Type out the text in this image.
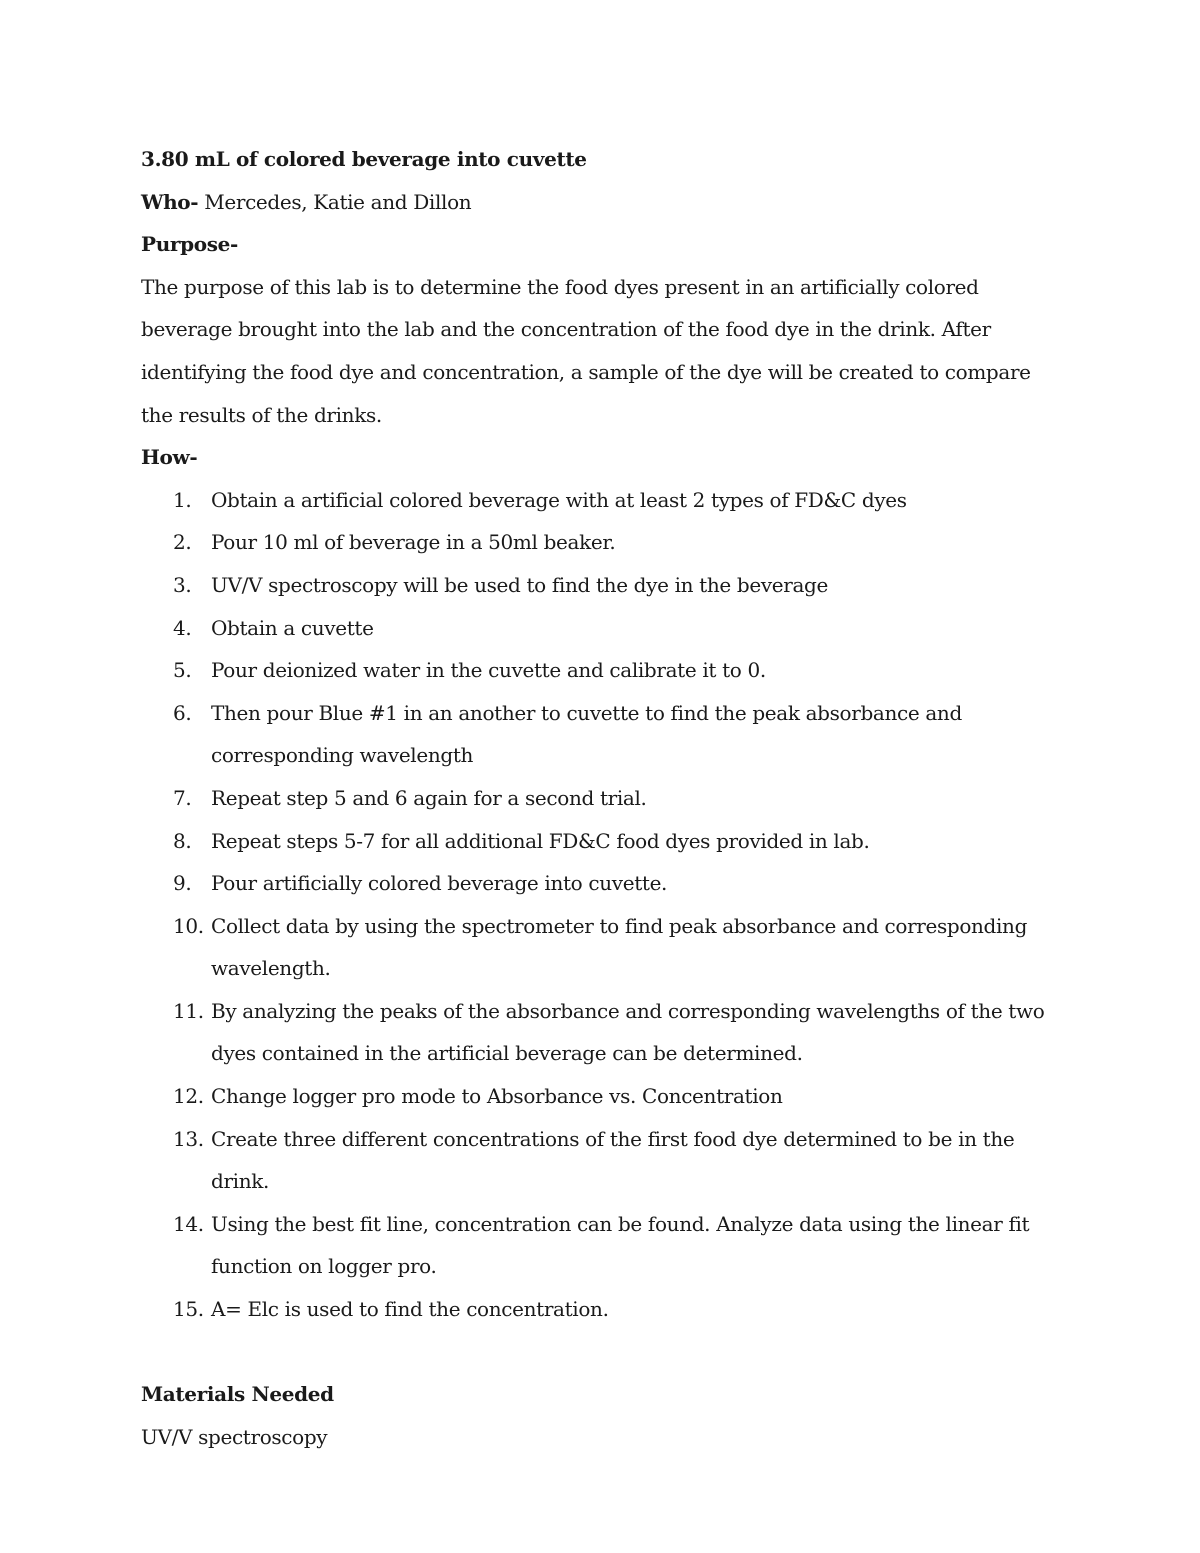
3.80 mL of colored beverage into cuvette
Who- Mercedes, Katie and Dillon
Purpose-
The purpose of this lab is to determine the food dyes present in an artificially colored beverage brought into the lab and the concentration of the food dye in the drink. After identifying the food dye and concentration, a sample of the dye will be created to compare the results of the drinks.
How-
1. Obtain a artificial colored beverage with at least 2 types of FD&C dyes
2. Pour 10 ml of beverage in a 50ml beaker.
3. UV/V spectroscopy will be used to find the dye in the beverage
4. Obtain a cuvette
5. Pour deionized water in the cuvette and calibrate it to 0.
6. Then pour Blue #1 in an another to cuvette to find the peak absorbance and corresponding wavelength
7. Repeat step 5 and 6 again for a second trial.
8. Repeat steps 5-7 for all additional FD&C food dyes provided in lab.
9. Pour artificially colored beverage into cuvette.
10. Collect data by using the spectrometer to find peak absorbance and corresponding wavelength.
11. By analyzing the peaks of the absorbance and corresponding wavelengths of the two dyes contained in the artificial beverage can be determined.
12. Change logger pro mode to Absorbance vs. Concentration
13. Create three different concentrations of the first food dye determined to be in the drink.
14. Using the best fit line, concentration can be found. Analyze data using the linear fit function on logger pro.
15. A= Elc is used to find the concentration.
Materials Needed
UV/V spectroscopy
